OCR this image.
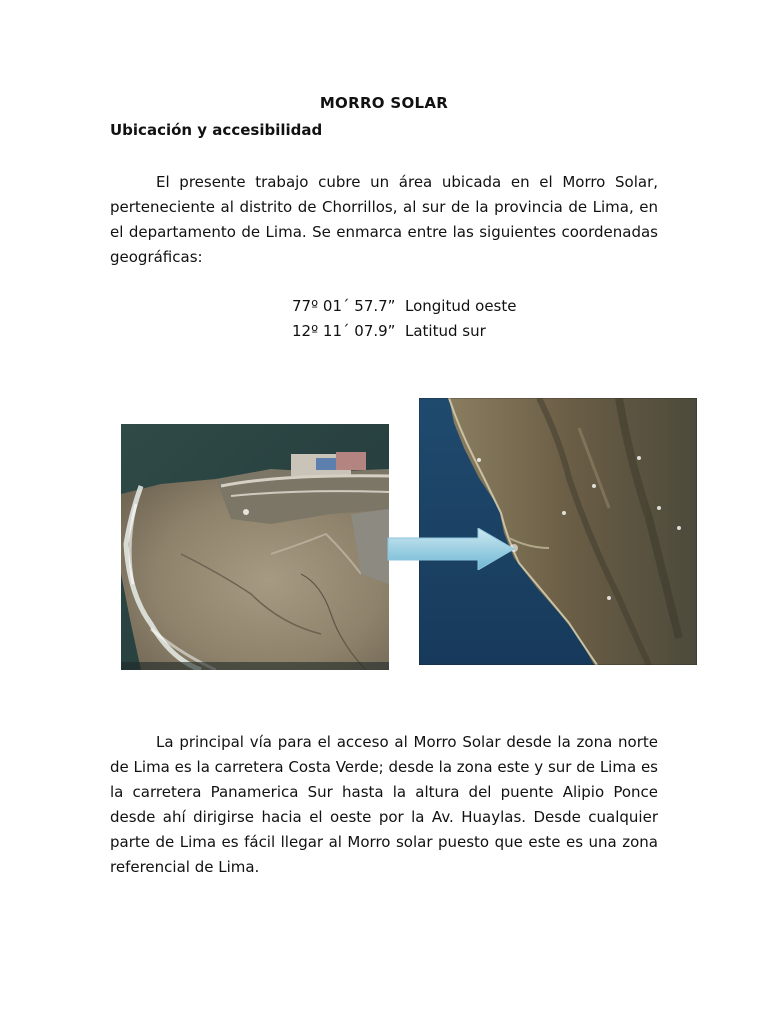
MORRO SOLAR
Ubicación y accesibilidad

El presente trabajo cubre un área ubicada en el Morro Solar, perteneciente al distrito de Chorrillos, al sur de la provincia de Lima, en el departamento de Lima. Se enmarca entre las siguientes coordenadas geográficas:

77º 01´ 57.7” Longitud oeste
12º 11´ 07.9” Latitud sur

La principal vía para el acceso al Morro Solar desde la zona norte de Lima es la carretera Costa Verde; desde la zona este y sur de Lima es la carretera Panamerica Sur hasta la altura del puente Alipio Ponce desde ahí dirigirse hacia el oeste por la Av. Huaylas. Desde cualquier parte de Lima es fácil llegar al Morro solar puesto que este es una zona referencial de Lima.
